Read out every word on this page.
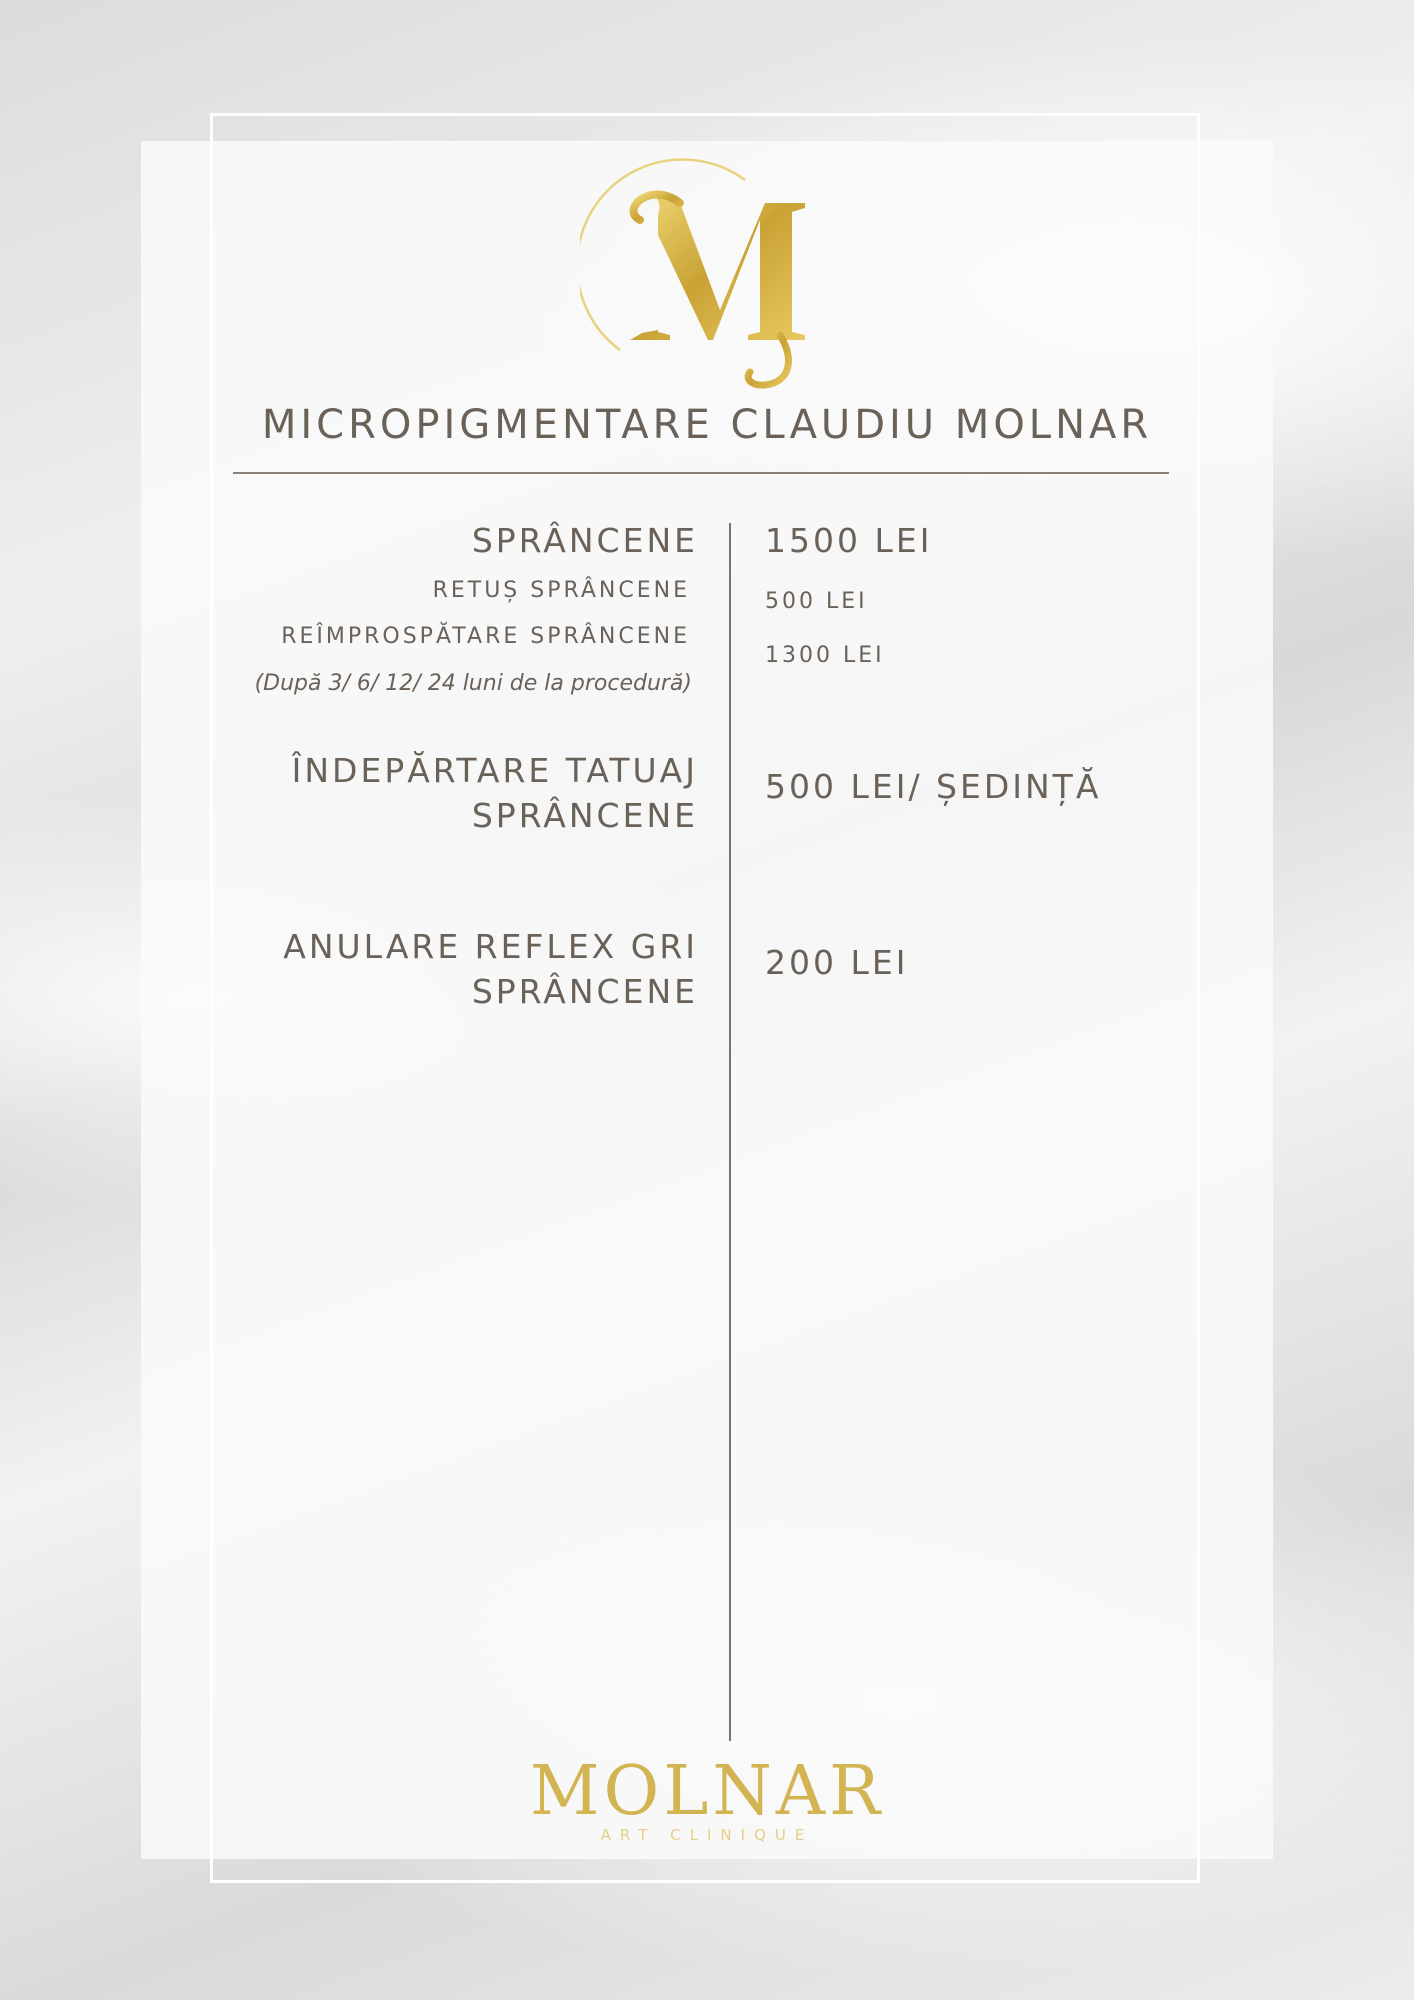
MICROPIGMENTARE CLAUDIU MOLNAR
SPRÂNCENE 1500 LEI
RETUȘ SPRÂNCENE	500 LEI
REÎMPROSPĂTARE SPRÂNCENE
1300 LEI
(După 3/ 6/ 12/ 24 luni de la procedură)
ÎNDEPĂRTARE TATUAJ
SPRÂNCENE
500 LEI/ ȘEDINȚĂ
ANULARE REFLEX GRI
SPRÂNCENE
200 LEI
MOLNAR
ART CLINIQUE
